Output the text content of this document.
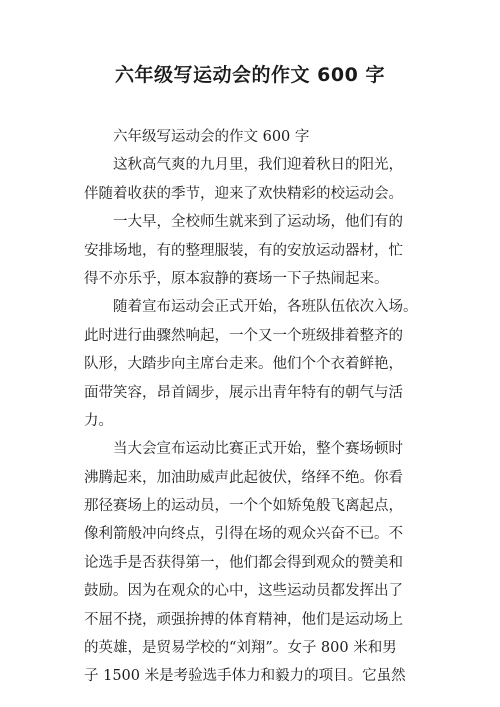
六年级写运动会的作文 600 字

六年级写运动会的作文 600 字

这秋高气爽的九月里，我们迎着秋日的阳光，

伴随着收获的季节，迎来了欢快精彩的校运动会。

一大早，全校师生就来到了运动场，他们有的

安排场地，有的整理服装，有的安放运动器材，忙

得不亦乐乎，原本寂静的赛场一下子热闹起来。

随着宣布运动会正式开始，各班队伍依次入场。

此时进行曲骤然响起，一个又一个班级排着整齐的

队形，大踏步向主席台走来。他们个个衣着鲜艳，

面带笑容，昂首阔步，展示出青年特有的朝气与活

力。

当大会宣布运动比赛正式开始，整个赛场顿时

沸腾起来，加油助威声此起彼伏，络绎不绝。你看

那径赛场上的运动员，一个个如矫兔般飞离起点，

像利箭般冲向终点，引得在场的观众兴奋不已。不

论选手是否获得第一，他们都会得到观众的赞美和

鼓励。因为在观众的心中，这些运动员都发挥出了

不屈不挠，顽强拚搏的体育精神，他们是运动场上

的英雄，是贸易学校的“刘翔”。女子 800 米和男

子 1500 米是考验选手体力和毅力的项目。它虽然
